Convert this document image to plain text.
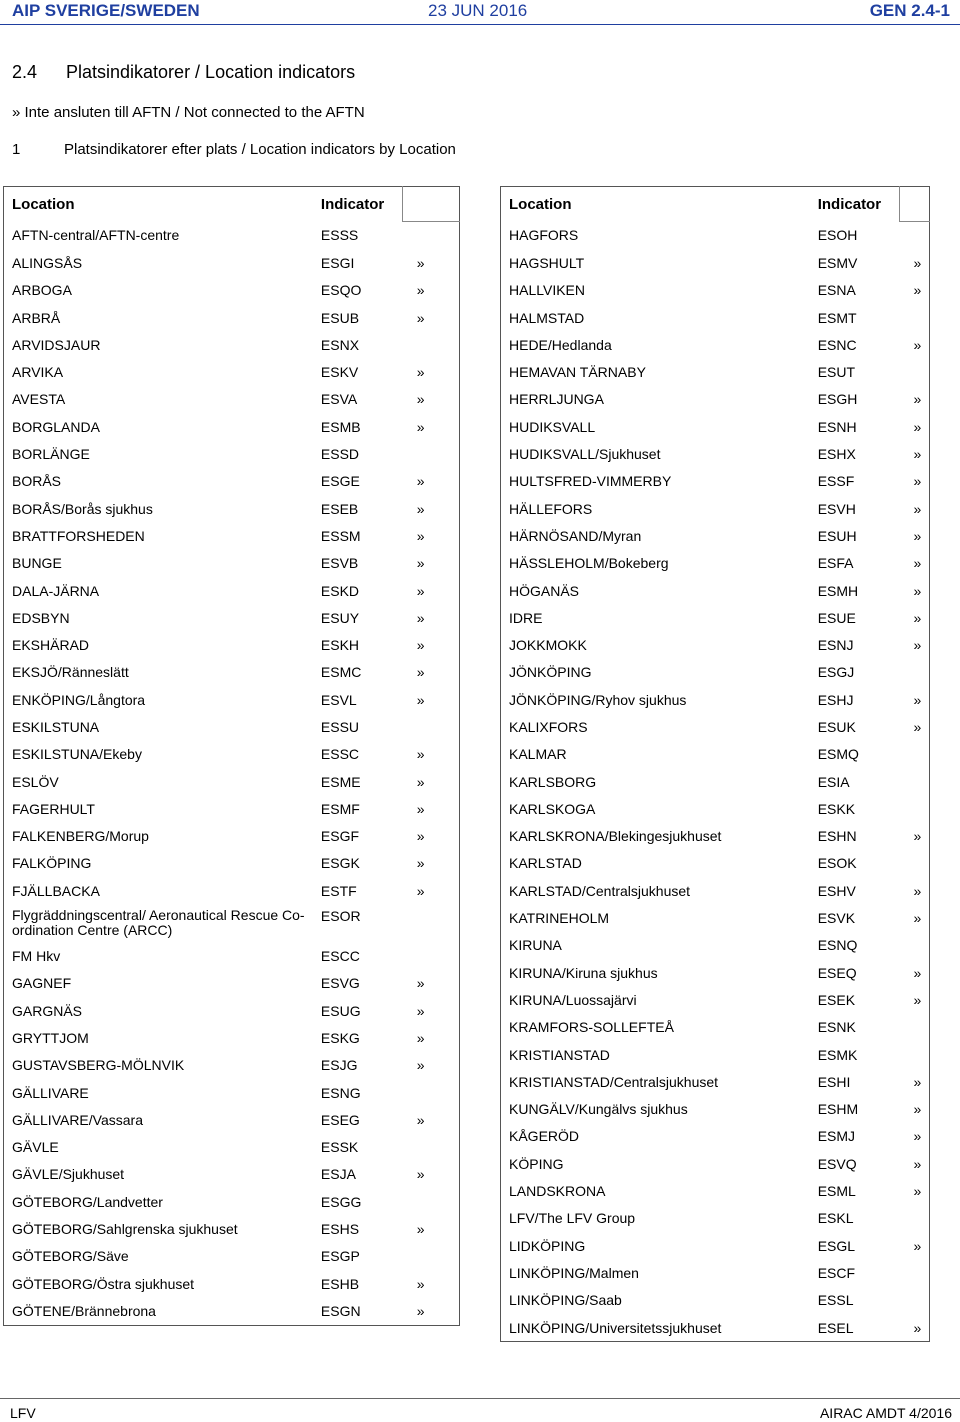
AIP SVERIGE/SWEDEN	23 JUN 2016	GEN 2.4-1
2.4 Platsindikatorer / Location indicators
» Inte ansluten till AFTN / Not connected to the AFTN
1	Platsindikatorer efter plats / Location indicators by Location
Location	Indicator	
AFTN-central/AFTN-centre	ESSS	
ALINGSÅS	ESGI	»
ARBOGA	ESQO	»
ARBRÅ	ESUB	»
ARVIDSJAUR	ESNX	
ARVIKA	ESKV	»
AVESTA	ESVA	»
BORGLANDA	ESMB	»
BORLÄNGE	ESSD	
BORÅS	ESGE	»
BORÅS/Borås sjukhus	ESEB	»
BRATTFORSHEDEN	ESSM	»
BUNGE	ESVB	»
DALA-JÄRNA	ESKD	»
EDSBYN	ESUY	»
EKSHÄRAD	ESKH	»
EKSJÖ/Ränneslätt	ESMC	»
ENKÖPING/Långtora	ESVL	»
ESKILSTUNA	ESSU	
ESKILSTUNA/Ekeby	ESSC	»
ESLÖV	ESME	»
FAGERHULT	ESMF	»
FALKENBERG/Morup	ESGF	»
FALKÖPING	ESGK	»
FJÄLLBACKA	ESTF	»
Flygräddningscentral/ Aeronautical Rescue Co-ordination Centre (ARCC)	ESOR	
FM Hkv	ESCC	
GAGNEF	ESVG	»
GARGNÄS	ESUG	»
GRYTTJOM	ESKG	»
GUSTAVSBERG-MÖLNVIK	ESJG	»
GÄLLIVARE	ESNG	
GÄLLIVARE/Vassara	ESEG	»
GÄVLE	ESSK	
GÄVLE/Sjukhuset	ESJA	»
GÖTEBORG/Landvetter	ESGG	
GÖTEBORG/Sahlgrenska sjukhuset	ESHS	»
GÖTEBORG/Säve	ESGP	
GÖTEBORG/Östra sjukhuset	ESHB	»
GÖTENE/Brännebrona	ESGN	»
Location	Indicator	
HAGFORS	ESOH	
HAGSHULT	ESMV	»
HALLVIKEN	ESNA	»
HALMSTAD	ESMT	
HEDE/Hedlanda	ESNC	»
HEMAVAN TÄRNABY	ESUT	
HERRLJUNGA	ESGH	»
HUDIKSVALL	ESNH	»
HUDIKSVALL/Sjukhuset	ESHX	»
HULTSFRED-VIMMERBY	ESSF	»
HÄLLEFORS	ESVH	»
HÄRNÖSAND/Myran	ESUH	»
HÄSSLEHOLM/Bokeberg	ESFA	»
HÖGANÄS	ESMH	»
IDRE	ESUE	»
JOKKMOKK	ESNJ	»
JÖNKÖPING	ESGJ	
JÖNKÖPING/Ryhov sjukhus	ESHJ	»
KALIXFORS	ESUK	»
KALMAR	ESMQ	
KARLSBORG	ESIA	
KARLSKOGA	ESKK	
KARLSKRONA/Blekingesjukhuset	ESHN	»
KARLSTAD	ESOK	
KARLSTAD/Centralsjukhuset	ESHV	»
KATRINEHOLM	ESVK	»
KIRUNA	ESNQ	
KIRUNA/Kiruna sjukhus	ESEQ	»
KIRUNA/Luossajärvi	ESEK	»
KRAMFORS-SOLLEFTEÅ	ESNK	
KRISTIANSTAD	ESMK	
KRISTIANSTAD/Centralsjukhuset	ESHI	»
KUNGÄLV/Kungälvs sjukhus	ESHM	»
KÅGERÖD	ESMJ	»
KÖPING	ESVQ	»
LANDSKRONA	ESML	»
LFV/The LFV Group	ESKL	
LIDKÖPING	ESGL	»
LINKÖPING/Malmen	ESCF	
LINKÖPING/Saab	ESSL	
LINKÖPING/Universitetssjukhuset	ESEL	»
LFV	AIRAC AMDT 4/2016
